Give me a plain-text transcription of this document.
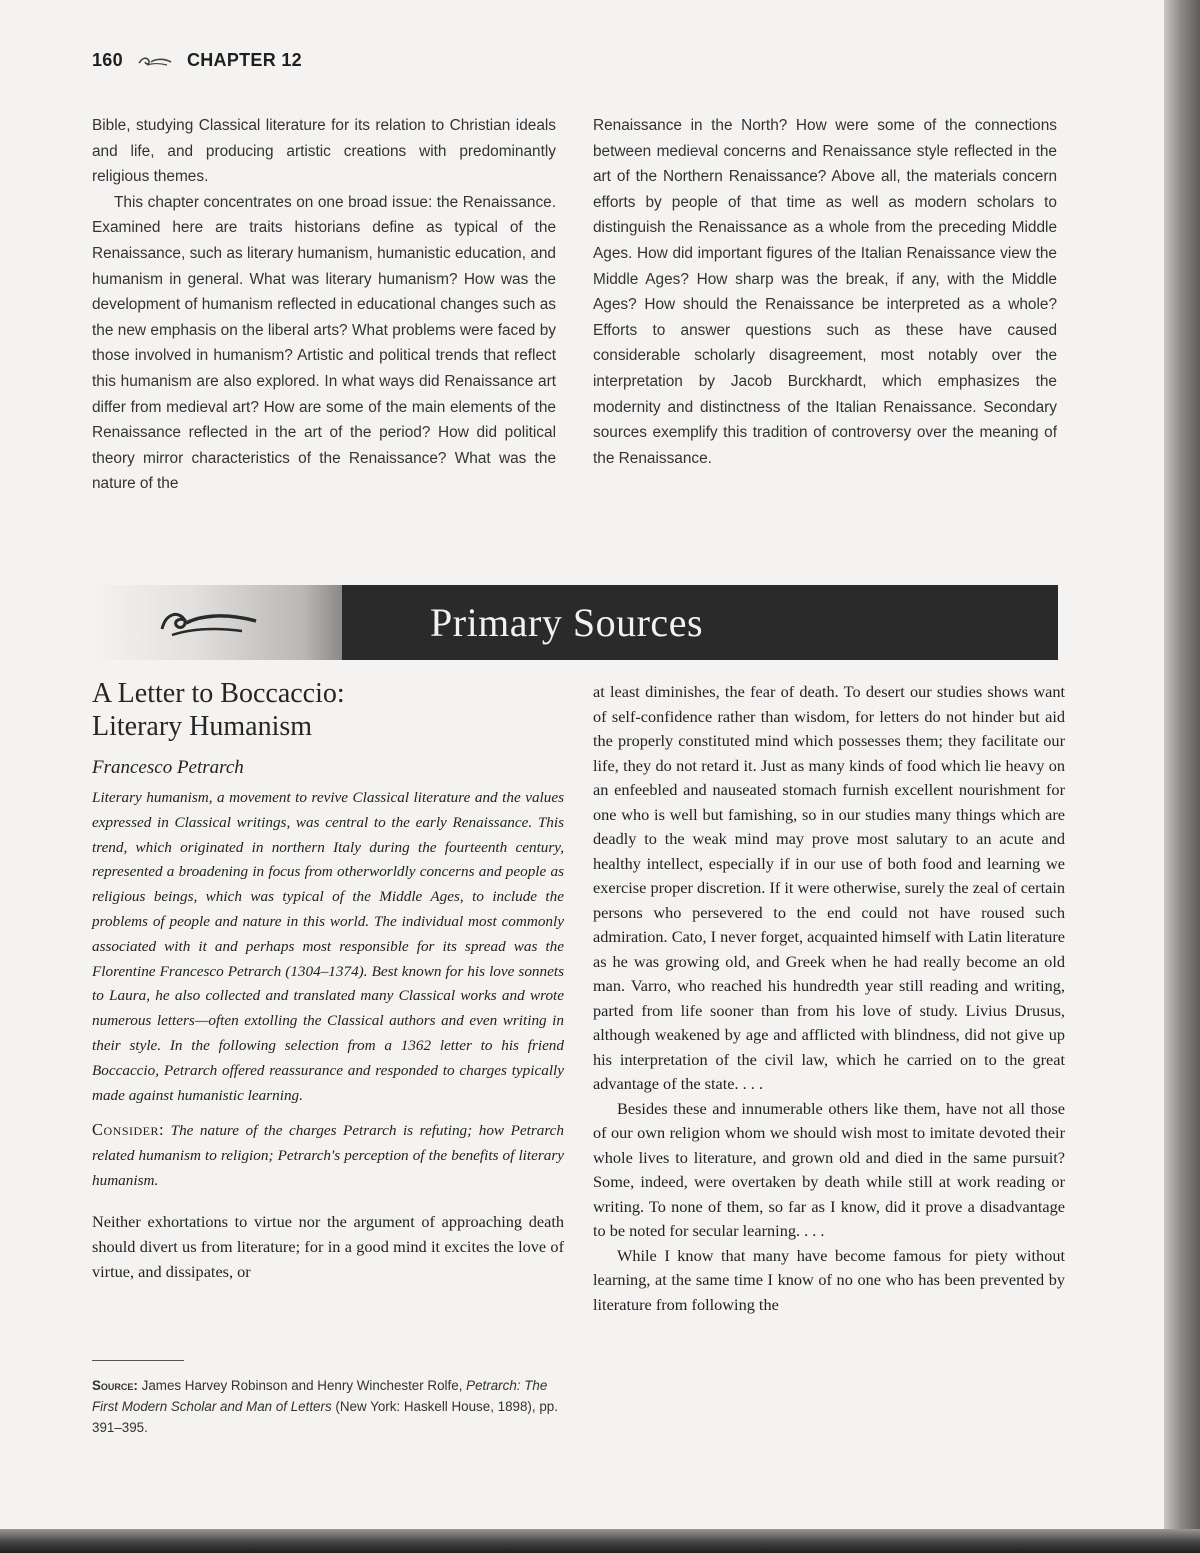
160	CHAPTER 12

Bible, studying Classical literature for its relation to Christian ideals and life, and producing artistic creations with predominantly religious themes.

This chapter concentrates on one broad issue: the Renaissance. Examined here are traits historians define as typical of the Renaissance, such as literary humanism, humanistic education, and humanism in general. What was literary humanism? How was the development of humanism reflected in educational changes such as the new emphasis on the liberal arts? What problems were faced by those involved in humanism? Artistic and political trends that reflect this humanism are also explored. In what ways did Renaissance art differ from medieval art? How are some of the main elements of the Renaissance reflected in the art of the period? How did political theory mirror characteristics of the Renaissance? What was the nature of the

Renaissance in the North? How were some of the connections between medieval concerns and Renaissance style reflected in the art of the Northern Renaissance? Above all, the materials concern efforts by people of that time as well as modern scholars to distinguish the Renaissance as a whole from the preceding Middle Ages. How did important figures of the Italian Renaissance view the Middle Ages? How sharp was the break, if any, with the Middle Ages? How should the Renaissance be interpreted as a whole? Efforts to answer questions such as these have caused considerable scholarly disagreement, most notably over the interpretation by Jacob Burckhardt, which emphasizes the modernity and distinctness of the Italian Renaissance. Secondary sources exemplify this tradition of controversy over the meaning of the Renaissance.

Primary Sources
A Letter to Boccaccio:
Literary Humanism

Francesco Petrarch

Literary humanism, a movement to revive Classical literature and the values expressed in Classical writings, was central to the early Renaissance. This trend, which originated in northern Italy during the fourteenth century, represented a broadening in focus from otherworldly concerns and people as religious beings, which was typical of the Middle Ages, to include the problems of people and nature in this world. The individual most commonly associated with it and perhaps most responsible for its spread was the Florentine Francesco Petrarch (1304–1374). Best known for his love sonnets to Laura, he also collected and translated many Classical works and wrote numerous letters—often extolling the Classical authors and even writing in their style. In the following selection from a 1362 letter to his friend Boccaccio, Petrarch offered reassurance and responded to charges typically made against humanistic learning.

Consider: The nature of the charges Petrarch is refuting; how Petrarch related humanism to religion; Petrarch's perception of the benefits of literary humanism.

Neither exhortations to virtue nor the argument of approaching death should divert us from literature; for in a good mind it excites the love of virtue, and dissipates, or

Source: James Harvey Robinson and Henry Winchester Rolfe, Petrarch: The First Modern Scholar and Man of Letters (New York: Haskell House, 1898), pp. 391–395.

at least diminishes, the fear of death. To desert our studies shows want of self-confidence rather than wisdom, for letters do not hinder but aid the properly constituted mind which possesses them; they facilitate our life, they do not retard it. Just as many kinds of food which lie heavy on an enfeebled and nauseated stomach furnish excellent nourishment for one who is well but famishing, so in our studies many things which are deadly to the weak mind may prove most salutary to an acute and healthy intellect, especially if in our use of both food and learning we exercise proper discretion. If it were otherwise, surely the zeal of certain persons who persevered to the end could not have roused such admiration. Cato, I never forget, acquainted himself with Latin literature as he was growing old, and Greek when he had really become an old man. Varro, who reached his hundredth year still reading and writing, parted from life sooner than from his love of study. Livius Drusus, although weakened by age and afflicted with blindness, did not give up his interpretation of the civil law, which he carried on to the great advantage of the state. . . .

Besides these and innumerable others like them, have not all those of our own religion whom we should wish most to imitate devoted their whole lives to literature, and grown old and died in the same pursuit? Some, indeed, were overtaken by death while still at work reading or writing. To none of them, so far as I know, did it prove a disadvantage to be noted for secular learning. . . .

While I know that many have become famous for piety without learning, at the same time I know of no one who has been prevented by literature from following the
